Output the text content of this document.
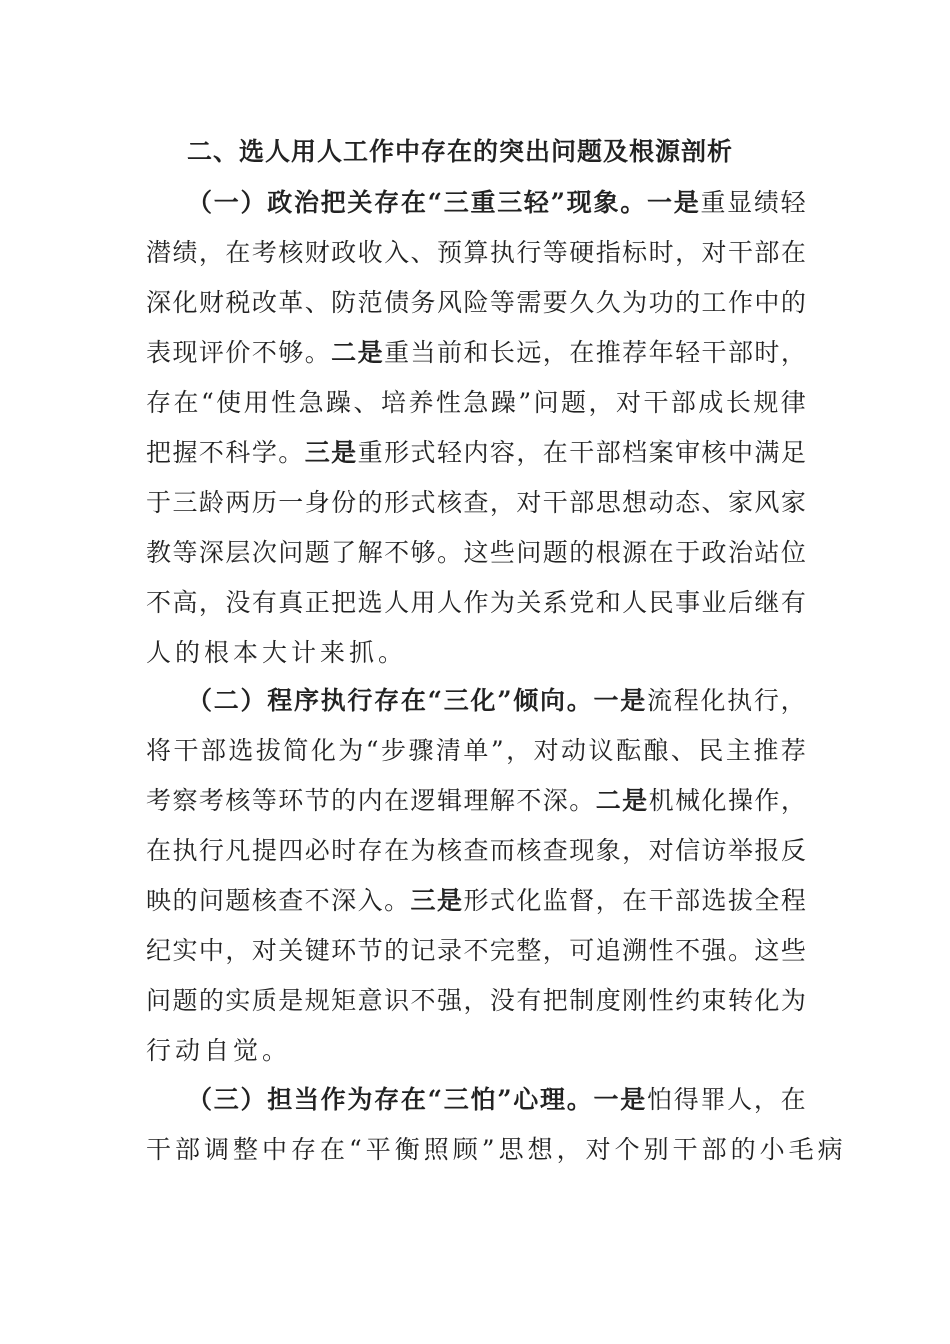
二、选人用人工作中存在的突出问题及根源剖析
（ 一 ） 政 治 把 关 存 在 “ 三 重 三 轻 ” 现 象 。 一 是 重 显 绩 轻
潜 绩 ， 在 考 核 财 政 收 入 、 预 算 执 行 等 硬 指 标 时 ， 对 干 部 在
深 化 财 税 改 革 、 防 范 债 务 风 险 等 需 要 久 久 为 功 的 工 作 中 的
表 现 评 价 不 够 。 二 是 重 当 前 和 长 远 ， 在 推 荐 年 轻 干 部 时 ，
存 在 “ 使 用 性 急 躁 、 培 养 性 急 躁 ” 问 题 ， 对 干 部 成 长 规 律
把 握 不 科 学 。 三 是 重 形 式 轻 内 容 ， 在 干 部 档 案 审 核 中 满 足
于 三 龄 两 历 一 身 份 的 形 式 核 查 ， 对 干 部 思 想 动 态 、 家 风 家
教 等 深 层 次 问 题 了 解 不 够 。 这 些 问 题 的 根 源 在 于 政 治 站 位
不 高 ， 没 有 真 正 把 选 人 用 人 作 为 关 系 党 和 人 民 事 业 后 继 有
人的根本大计来抓。
（ 二 ） 程 序 执 行 存 在 “ 三 化 ” 倾 向 。 一 是 流 程 化 执 行 ，
将 干 部 选 拔 简 化 为 “ 步 骤 清 单 ” ， 对 动 议 酝 酿 、 民 主 推 荐
考 察 考 核 等 环 节 的 内 在 逻 辑 理 解 不 深 。 二 是 机 械 化 操 作 ，
在 执 行 凡 提 四 必 时 存 在 为 核 查 而 核 查 现 象 ， 对 信 访 举 报 反
映 的 问 题 核 查 不 深 入 。 三 是 形 式 化 监 督 ， 在 干 部 选 拔 全 程
纪 实 中 ， 对 关 键 环 节 的 记 录 不 完 整 ， 可 追 溯 性 不 强 。 这 些
问 题 的 实 质 是 规 矩 意 识 不 强 ， 没 有 把 制 度 刚 性 约 束 转 化 为
行动自觉。
（ 三 ） 担 当 作 为 存 在 “ 三 怕 ” 心 理 。 一 是 怕 得 罪 人 ， 在
干部调整中存在“平衡照顾”思想，对个别干部的小毛病
